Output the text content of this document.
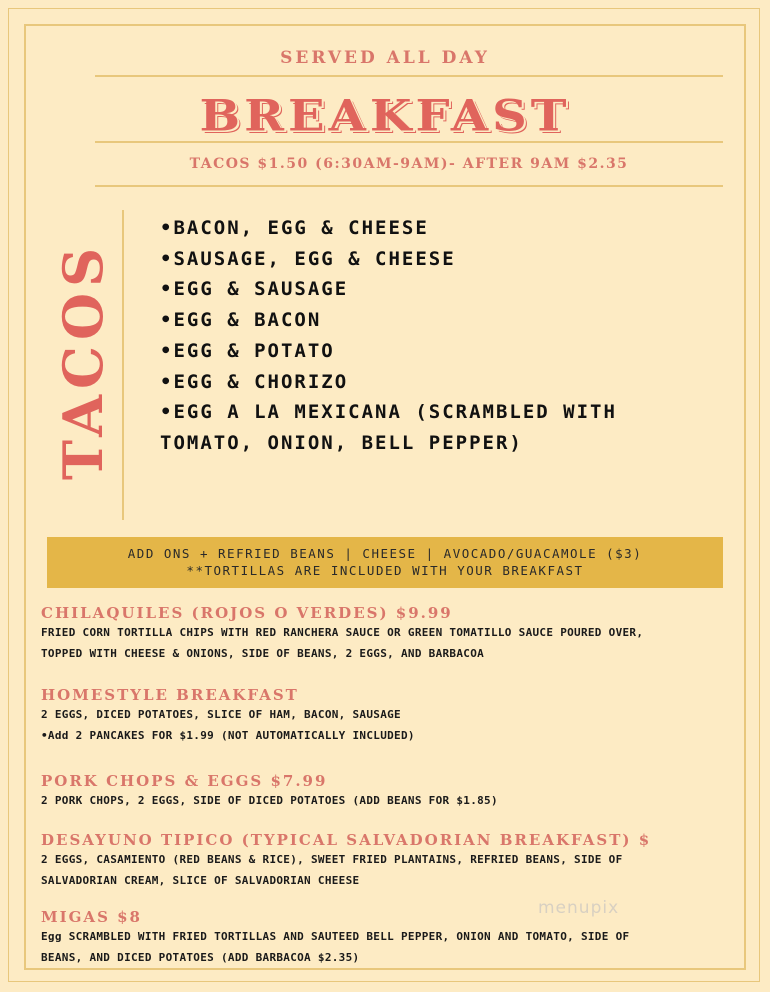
SERVED ALL DAY
BREAKFAST
TACOS $1.50 (6:30AM-9AM)- AFTER 9AM $2.35
TACOS
•BACON, EGG & CHEESE
•SAUSAGE, EGG & CHEESE
•EGG & SAUSAGE
•EGG & BACON
•EGG & POTATO
•EGG & CHORIZO
•EGG A LA MEXICANA (SCRAMBLED WITH TOMATO, ONION, BELL PEPPER)
ADD ONS + REFRIED BEANS | CHEESE | AVOCADO/GUACAMOLE ($3)
**TORTILLAS ARE INCLUDED WITH YOUR BREAKFAST
CHILAQUILES (ROJOS O VERDES) $9.99
FRIED CORN TORTILLA CHIPS WITH RED RANCHERA SAUCE OR GREEN TOMATILLO SAUCE POURED OVER,
TOPPED WITH CHEESE & ONIONS, SIDE OF BEANS, 2 EGGS, AND BARBACOA
HOMESTYLE BREAKFAST
2 EGGS, DICED POTATOES, SLICE OF HAM, BACON, SAUSAGE
•Add 2 PANCAKES FOR $1.99 (NOT AUTOMATICALLY INCLUDED)
PORK CHOPS & EGGS $7.99
2 PORK CHOPS, 2 EGGS, SIDE OF DICED POTATOES (ADD BEANS FOR $1.85)
DESAYUNO TIPICO (TYPICAL SALVADORIAN BREAKFAST) $
2 EGGS, CASAMIENTO (RED BEANS & RICE), SWEET FRIED PLANTAINS, REFRIED BEANS, SIDE OF
SALVADORIAN CREAM, SLICE OF SALVADORIAN CHEESE
MIGAS $8
Egg SCRAMBLED WITH FRIED TORTILLAS AND SAUTEED BELL PEPPER, ONION AND TOMATO, SIDE OF
BEANS, AND DICED POTATOES (ADD BARBACOA $2.35)
menupix
